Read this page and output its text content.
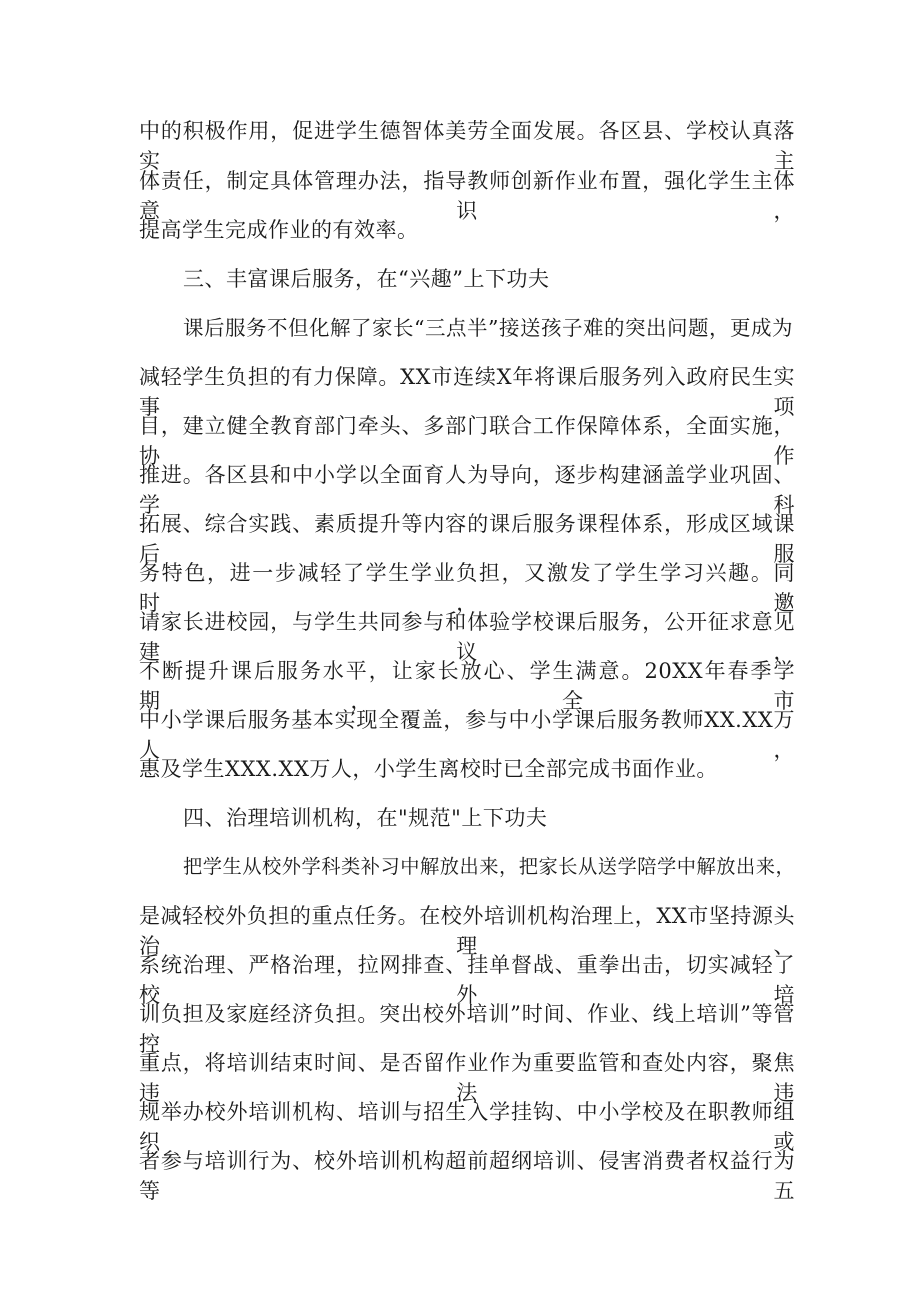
中的积极作用，促进学生德智体美劳全面发展。各区县、学校认真落实主
体责任，制定具体管理办法，指导教师创新作业布置，强化学生主体意识，
提高学生完成作业的有效率。
三、丰富课后服务，在“兴趣”上下功夫
课后服务不但化解了家长“三点半”接送孩子难的突出问题，更成为
减轻学生负担的有力保障。XX市连续X年将课后服务列入政府民生实事项
目，建立健全教育部门牵头、多部门联合工作保障体系，全面实施，协作
推进。各区县和中小学以全面育人为导向，逐步构建涵盖学业巩固、学科
拓展、综合实践、素质提升等内容的课后服务课程体系，形成区域课后服
务特色，进一步减轻了学生学业负担，又激发了学生学习兴趣。同时，邀
请家长进校园，与学生共同参与和体验学校课后服务，公开征求意见建议，
不断提升课后服务水平，让家长放心、学生满意。20XX年春季学期，全市
中小学课后服务基本实现全覆盖，参与中小学课后服务教师XX.XX万人，
惠及学生XXX.XX万人，小学生离校时已全部完成书面作业。
四、治理培训机构，在"规范"上下功夫
把学生从校外学科类补习中解放出来，把家长从送学陪学中解放出来，
是减轻校外负担的重点任务。在校外培训机构治理上，XX市坚持源头治理、
系统治理、严格治理，拉网排查、挂单督战、重拳出击，切实减轻了校外培
训负担及家庭经济负担。突出校外培训”时间、作业、线上培训”等管控
重点，将培训结束时间、是否留作业作为重要监管和查处内容，聚焦违法违
规举办校外培训机构、培训与招生入学挂钩、中小学校及在职教师组织或
者参与培训行为、校外培训机构超前超纲培训、侵害消费者权益行为等五
